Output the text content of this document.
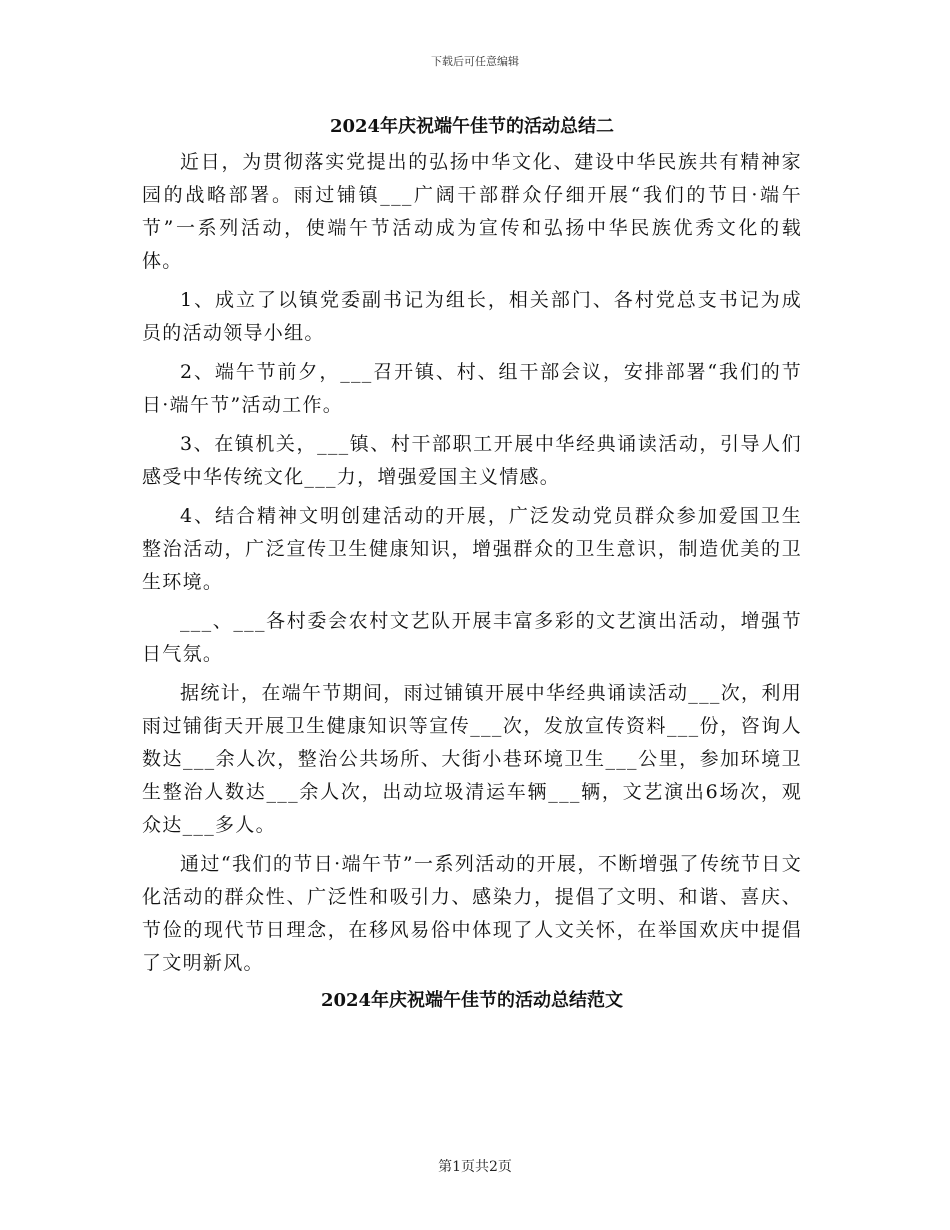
下载后可任意编辑
2024年庆祝端午佳节的活动总结二

近日，为贯彻落实党提出的弘扬中华文化、建设中华民族共有精神家园的战略部署。雨过铺镇___广阔干部群众仔细开展“我们的节日·端午节”一系列活动，使端午节活动成为宣传和弘扬中华民族优秀文化的载体。

1、成立了以镇党委副书记为组长，相关部门、各村党总支书记为成员的活动领导小组。

2、端午节前夕，___召开镇、村、组干部会议，安排部署“我们的节日·端午节”活动工作。

3、在镇机关，___镇、村干部职工开展中华经典诵读活动，引导人们感受中华传统文化___力，增强爱国主义情感。

4、结合精神文明创建活动的开展，广泛发动党员群众参加爱国卫生整治活动，广泛宣传卫生健康知识，增强群众的卫生意识，制造优美的卫生环境。

___、___各村委会农村文艺队开展丰富多彩的文艺演出活动，增强节日气氛。

据统计，在端午节期间，雨过铺镇开展中华经典诵读活动___次，利用雨过铺街天开展卫生健康知识等宣传___次，发放宣传资料___份，咨询人数达___余人次，整治公共场所、大街小巷环境卫生___公里，参加环境卫生整治人数达___余人次，出动垃圾清运车辆___辆，文艺演出6场次，观众达___多人。

通过“我们的节日·端午节”一系列活动的开展，不断增强了传统节日文化活动的群众性、广泛性和吸引力、感染力，提倡了文明、和谐、喜庆、节俭的现代节日理念，在移风易俗中体现了人文关怀，在举国欢庆中提倡了文明新风。

2024年庆祝端午佳节的活动总结范文
第1页共2页
